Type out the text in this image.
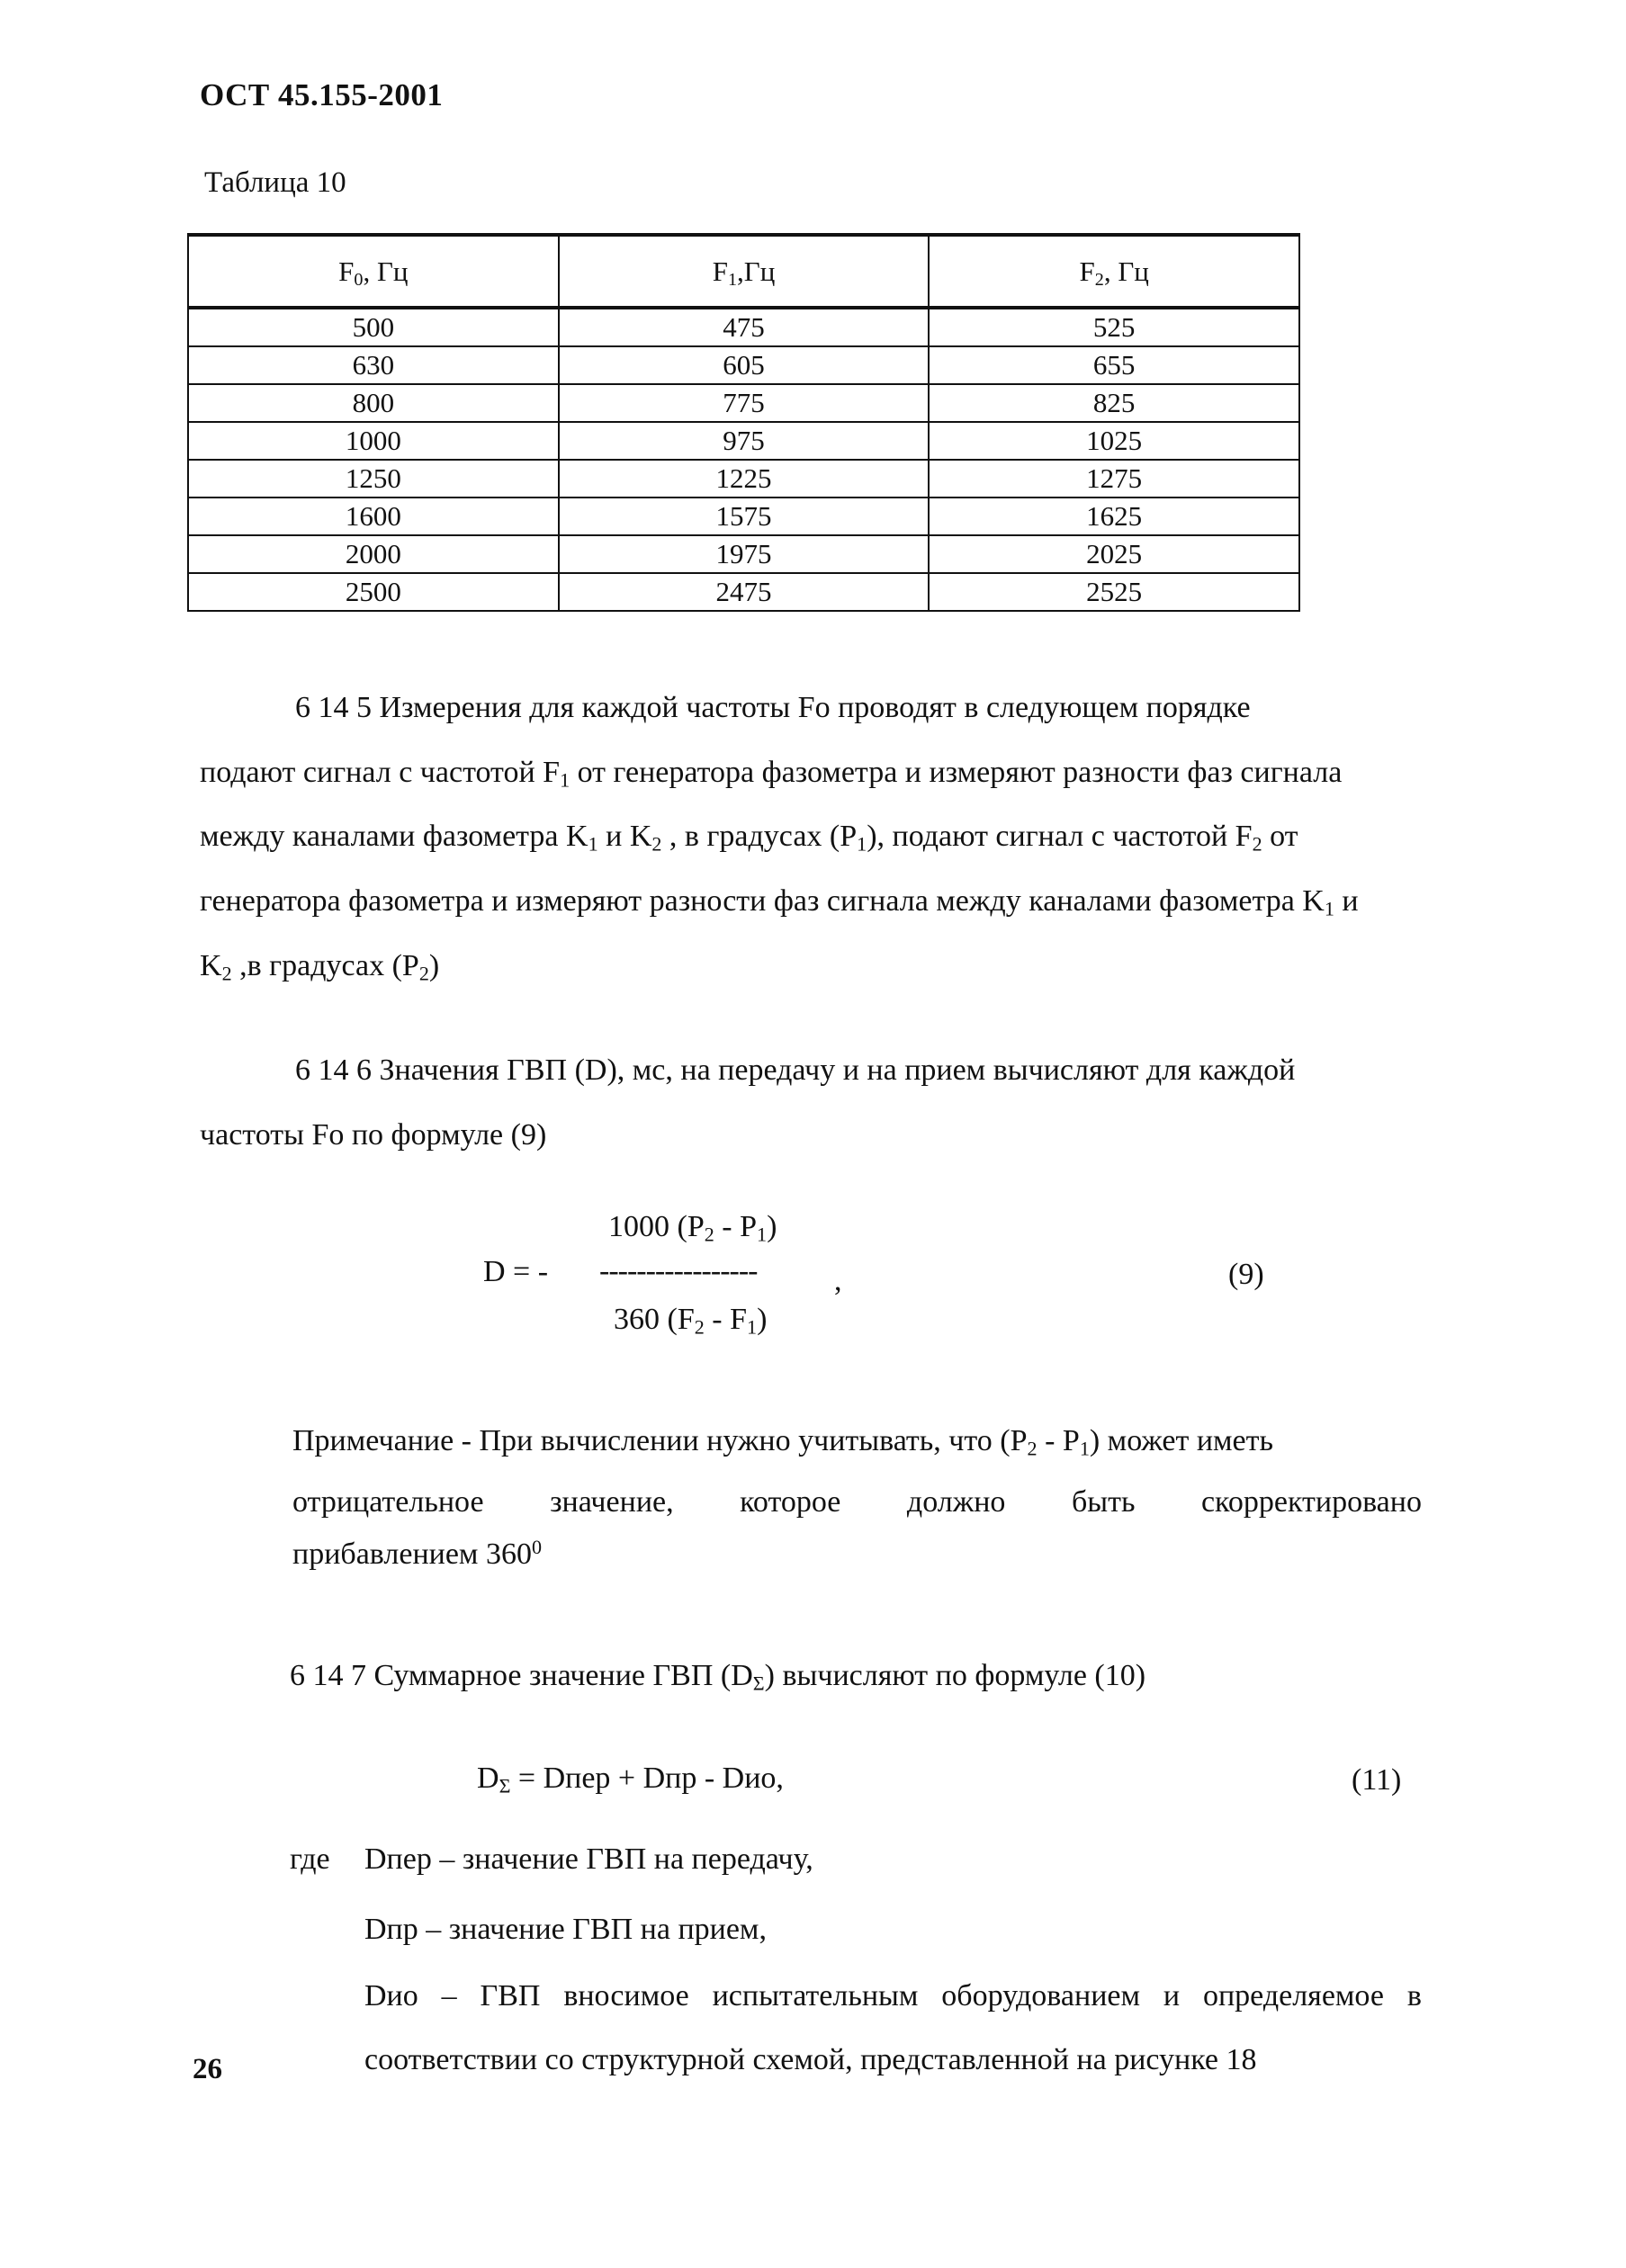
ОСТ 45.155-2001
Таблица 10
$F_0$, Гц	$F_1,Гц$	$F_2$, Гц
500	475	525
630	605	655
800	775	825
1000	975	1025
1250	1225	1275
1600	1575	1625
2000	1975	2025
2500	2475	2525
6 14 5 Измерения для каждой частоты Fo проводят в следующем порядке
подают сигнал с частотой $F_1$ от генератора фазометра и измеряют разности фаз сигнала
между каналами фазометра $K_1$ и $K_2$ , в градусах $(P_1)$, подают сигнал с частотой $F_2$ от
генератора фазометра и измеряют разности фаз сигнала между каналами фазометра $K_1$ и
$K_2$ ,в градусах $(P_2)$
6 14 6 Значения ГВП (D), мс, на передачу и на прием вычисляют для каждой
частоты Fo по формуле (9)
D = -
1000 $(P_2 - P_1)$
-----------------	,
360 $(F_2 - F_1)$
(9)
Примечание - При вычислении нужно учитывать, что $(P_2 - P_1)$ может иметь
отрицательное значение, которое должно быть скорректировано
прибавлением $360^0$
6 14 7 Суммарное значение ГВП $(D_\Sigma)$ вычисляют по формуле (10)
$D_\Sigma$ = Dпер + Dпр - Dио,	(11)
где Dпер – значение ГВП на передачу,
Dпр – значение ГВП на прием,
Dио – ГВП вносимое испытательным оборудованием и определяемое в
соответствии со структурной схемой, представленной на рисунке 18
26
